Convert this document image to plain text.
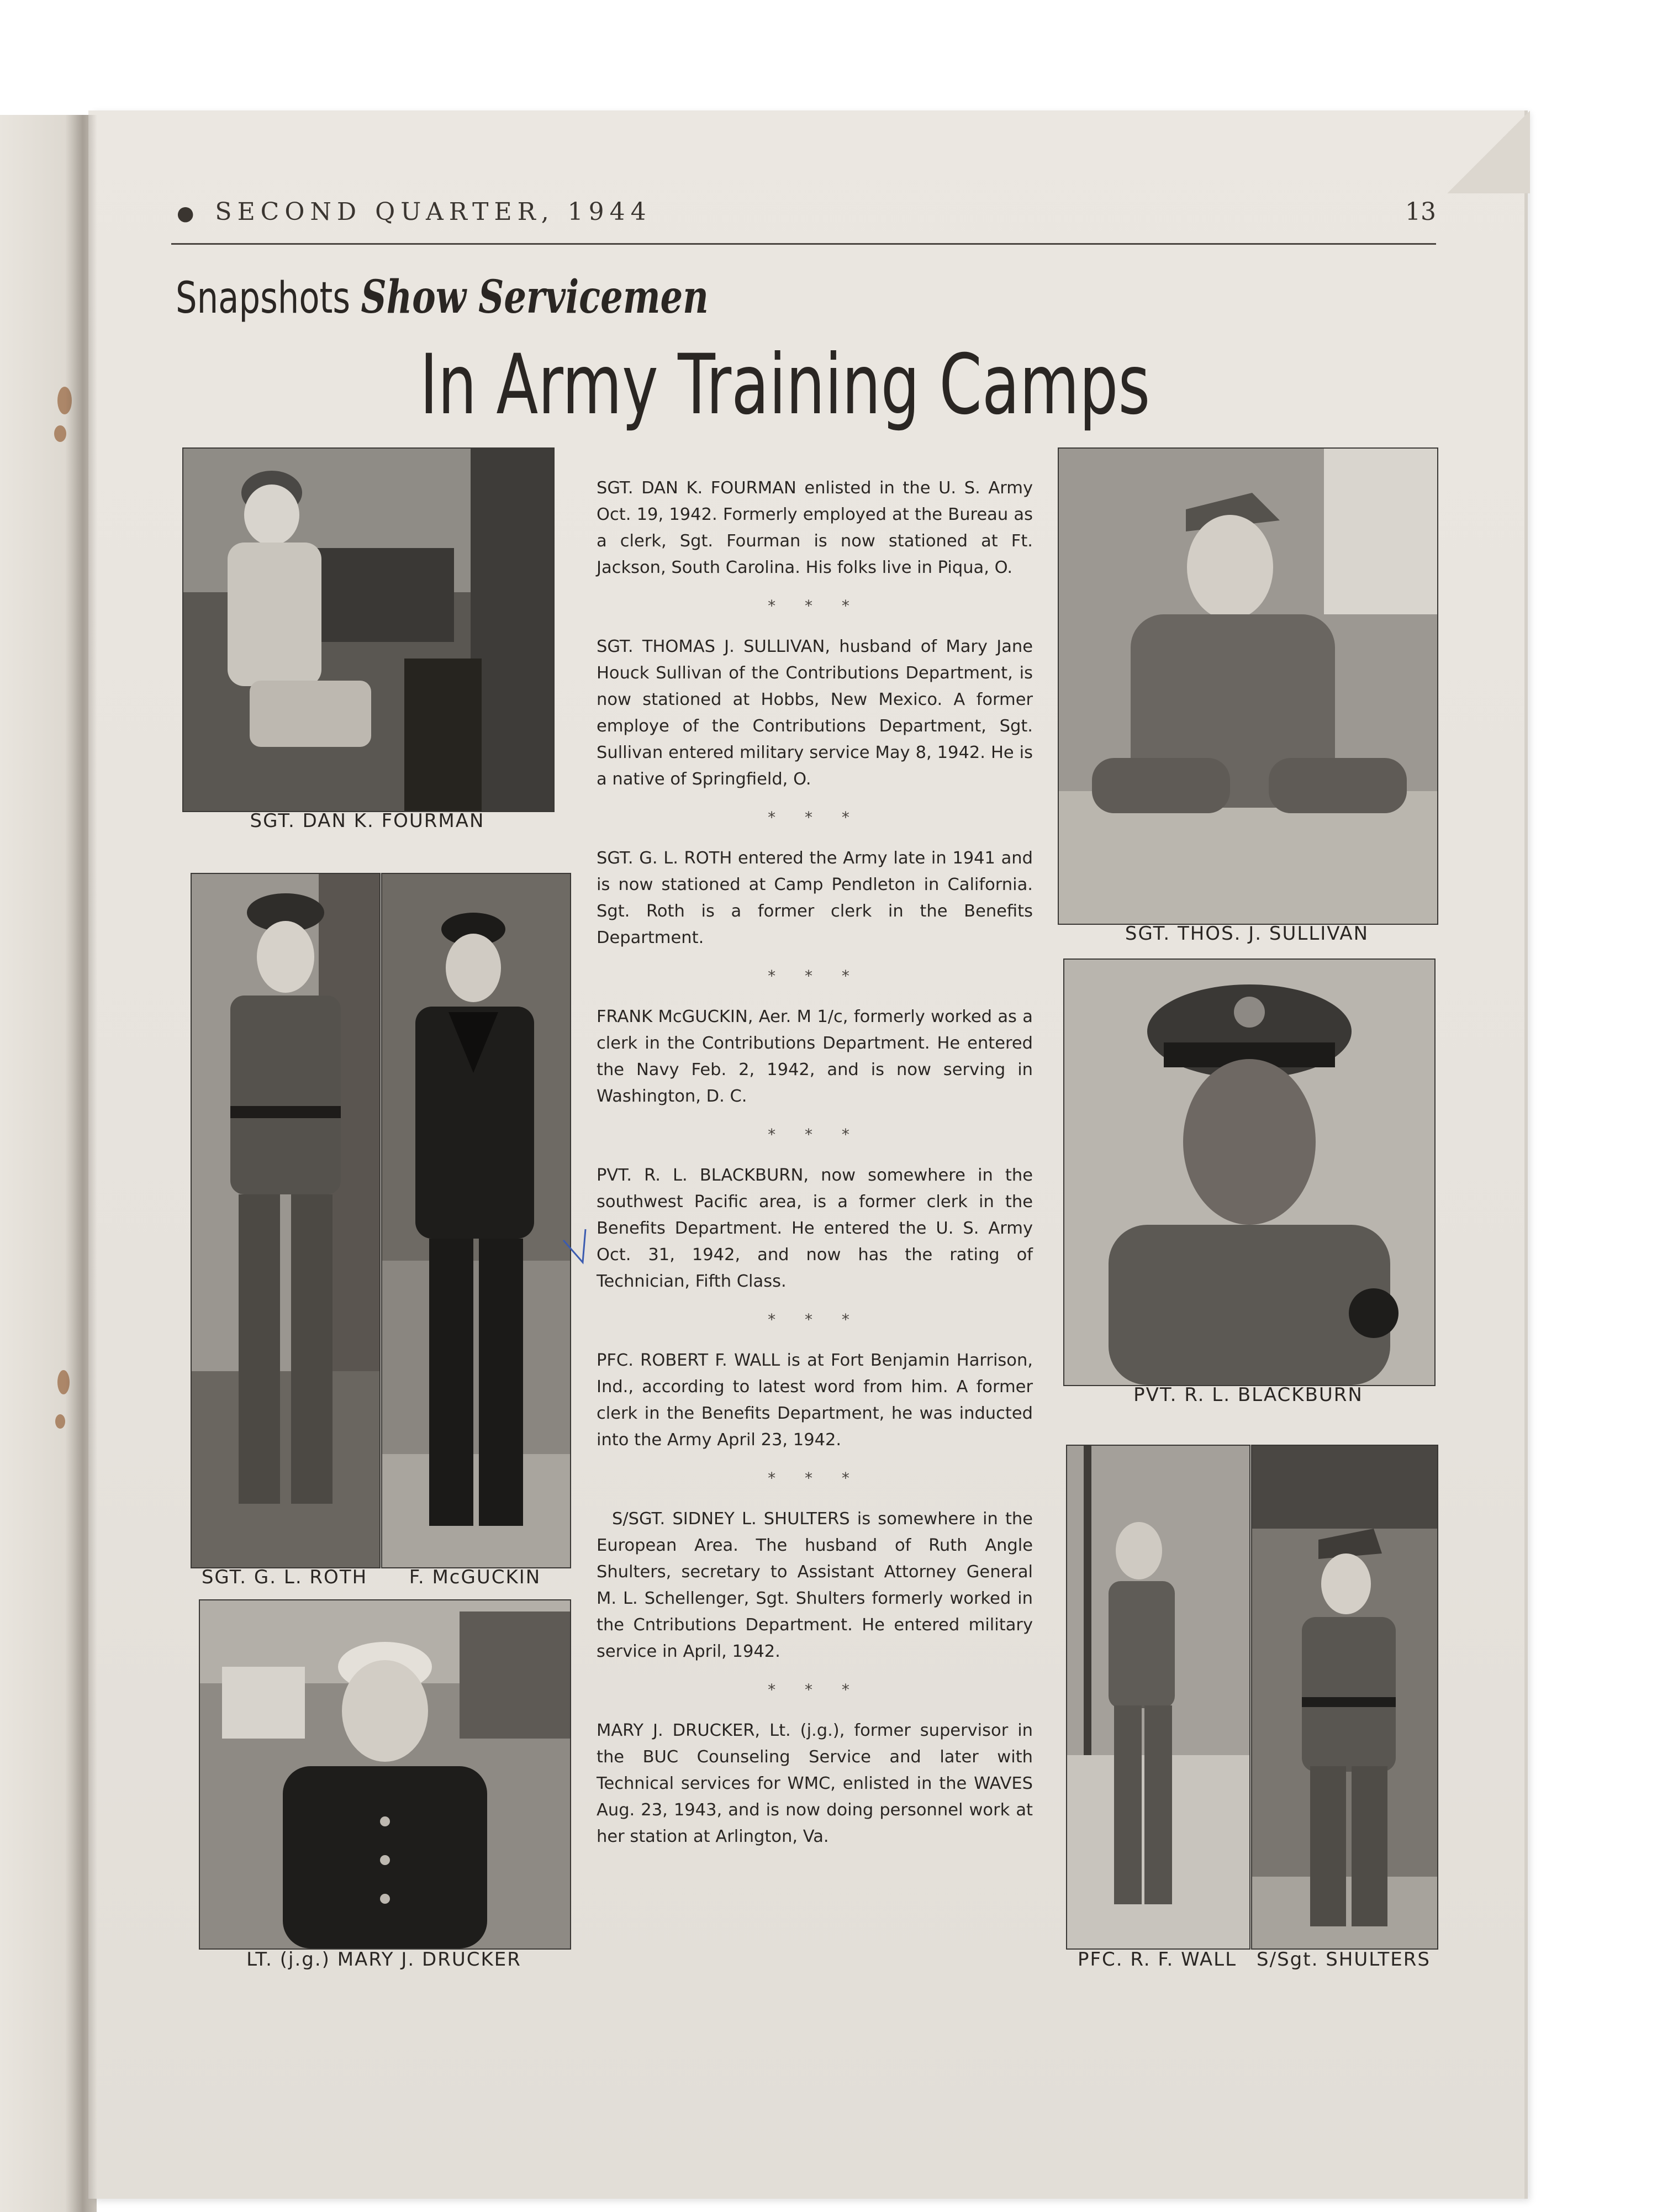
● SECOND QUARTER, 1944	13
Snapshots Show Servicemen
In Army Training Camps
SGT. DAN K. FOURMAN
SGT. G. L. ROTH	F. McGUCKIN
LT. (j.g.) MARY J. DRUCKER
SGT. THOS. J. SULLIVAN
PVT. R. L. BLACKBURN
PFC. R. F. WALL	S/Sgt. SHULTERS

SGT. DAN K. FOURMAN enlisted in the U. S. Army Oct. 19, 1942. Formerly employed at the Bureau as a clerk, Sgt. Fourman is now stationed at Ft. Jackson, South Carolina. His folks live in Piqua, O.

* * *

SGT. THOMAS J. SULLIVAN, husband of Mary Jane Houck Sullivan of the Contributions Department, is now stationed at Hobbs, New Mexico. A former employe of the Contributions Department, Sgt. Sullivan entered military service May 8, 1942. He is a native of Springfield, O.

* * *

SGT. G. L. ROTH entered the Army late in 1941 and is now stationed at Camp Pendleton in California. Sgt. Roth is a former clerk in the Benefits Department.

* * *

FRANK McGUCKIN, Aer. M 1/c, formerly worked as a clerk in the Contributions Department. He entered the Navy Feb. 2, 1942, and is now serving in Washington, D. C.

* * *

PVT. R. L. BLACKBURN, now somewhere in the southwest Pacific area, is a former clerk in the Benefits Department. He entered the U. S. Army Oct. 31, 1942, and now has the rating of Technician, Fifth Class.

* * *

PFC. ROBERT F. WALL is at Fort Benjamin Harrison, Ind., according to latest word from him. A former clerk in the Benefits Department, he was inducted into the Army April 23, 1942.

* * *

S/SGT. SIDNEY L. SHULTERS is somewhere in the European Area. The husband of Ruth Angle Shulters, secretary to Assistant Attorney General M. L. Schellenger, Sgt. Shulters formerly worked in the Cntributions Department. He entered military service in April, 1942.

* * *

MARY J. DRUCKER, Lt. (j.g.), former supervisor in the BUC Counseling Service and later with Technical services for WMC, enlisted in the WAVES Aug. 23, 1943, and is now doing personnel work at her station at Arlington, Va.
